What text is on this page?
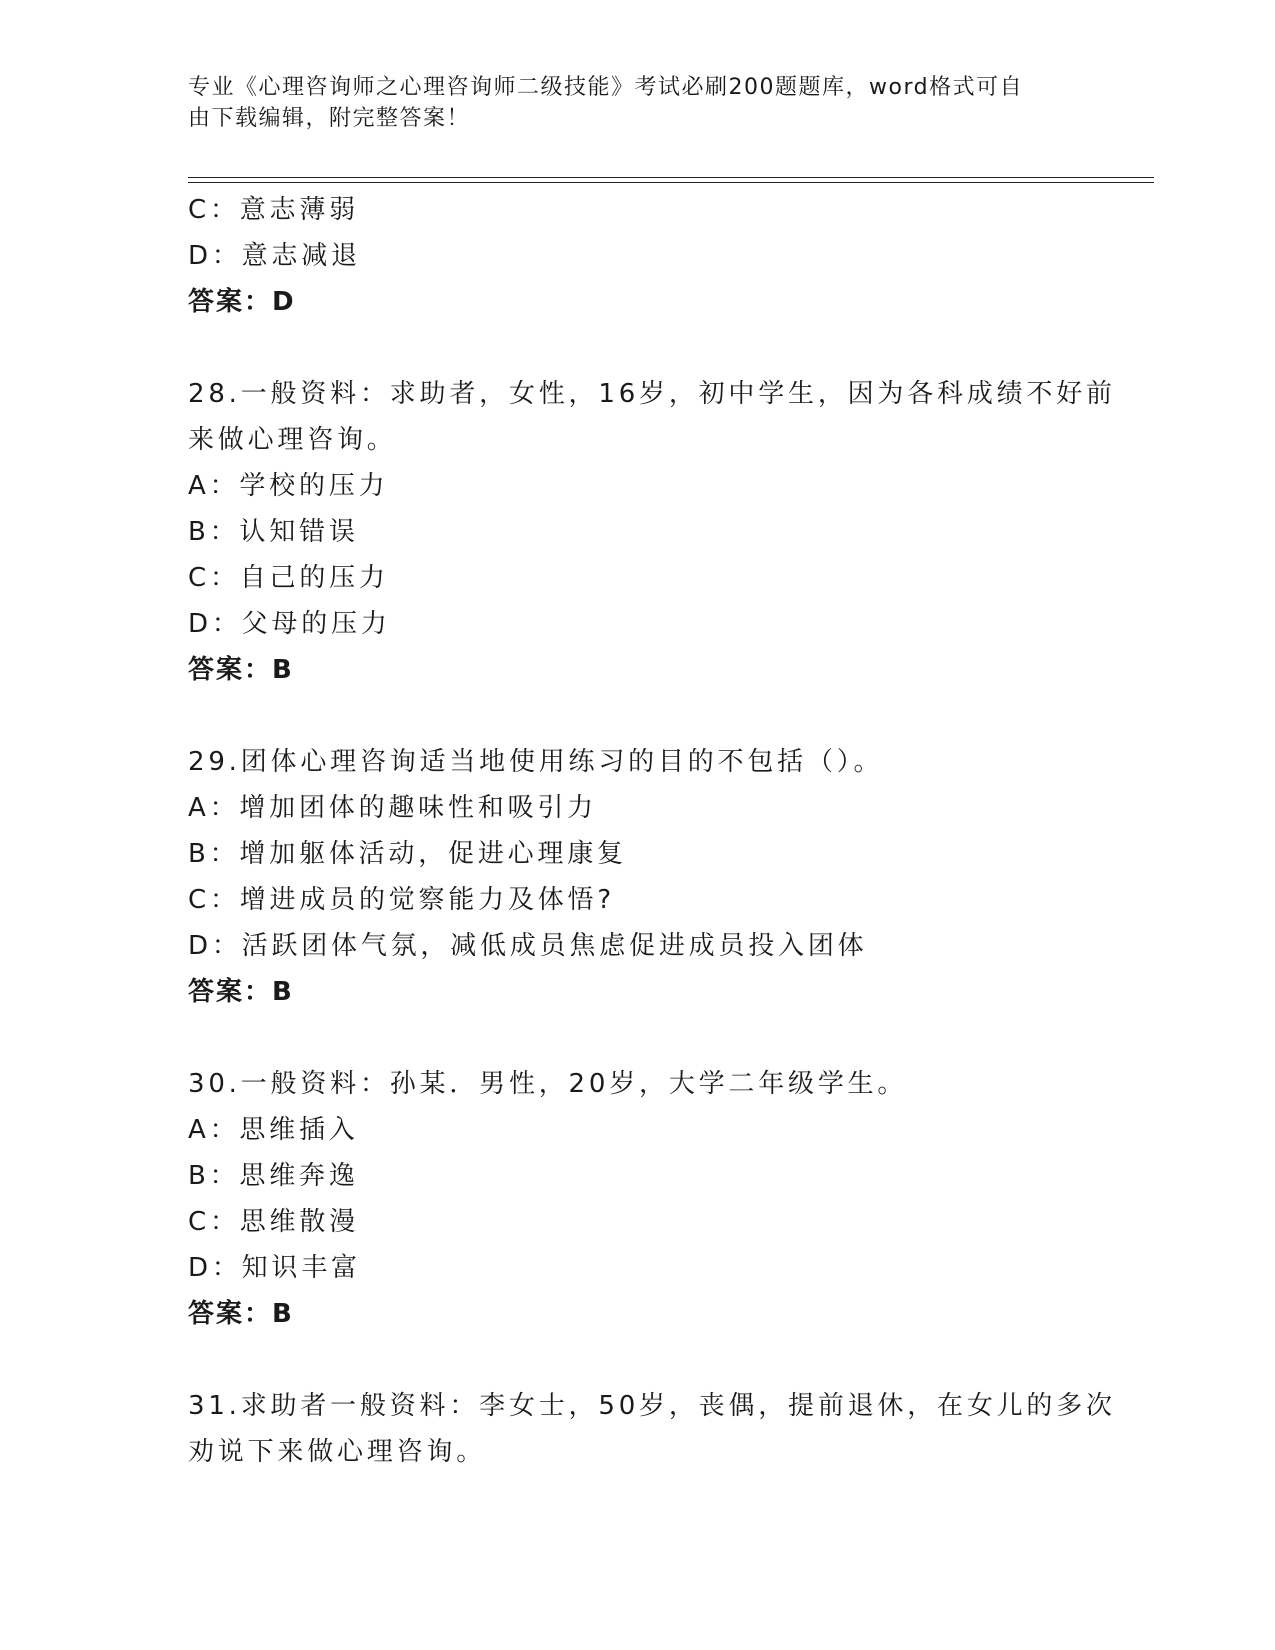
专业《心理咨询师之心理咨询师二级技能》考试必刷200题题库，word格式可自
由下载编辑，附完整答案！
C：意志薄弱
D：意志减退
答案：D
28.一般资料：求助者，女性，16岁，初中学生，因为各科成绩不好前
来做心理咨询。
A：学校的压力
B：认知错误
C：自己的压力
D：父母的压力
答案：B
29.团体心理咨询适当地使用练习的目的不包括（）。
A：增加团体的趣味性和吸引力
B：增加躯体活动，促进心理康复
C：增进成员的觉察能力及体悟?
D：活跃团体气氛，减低成员焦虑促进成员投入团体
答案：B
30.一般资料：孙某．男性，20岁，大学二年级学生。
A：思维插入
B：思维奔逸
C：思维散漫
D：知识丰富
答案：B
31.求助者一般资料：李女士，50岁，丧偶，提前退休，在女儿的多次
劝说下来做心理咨询。
